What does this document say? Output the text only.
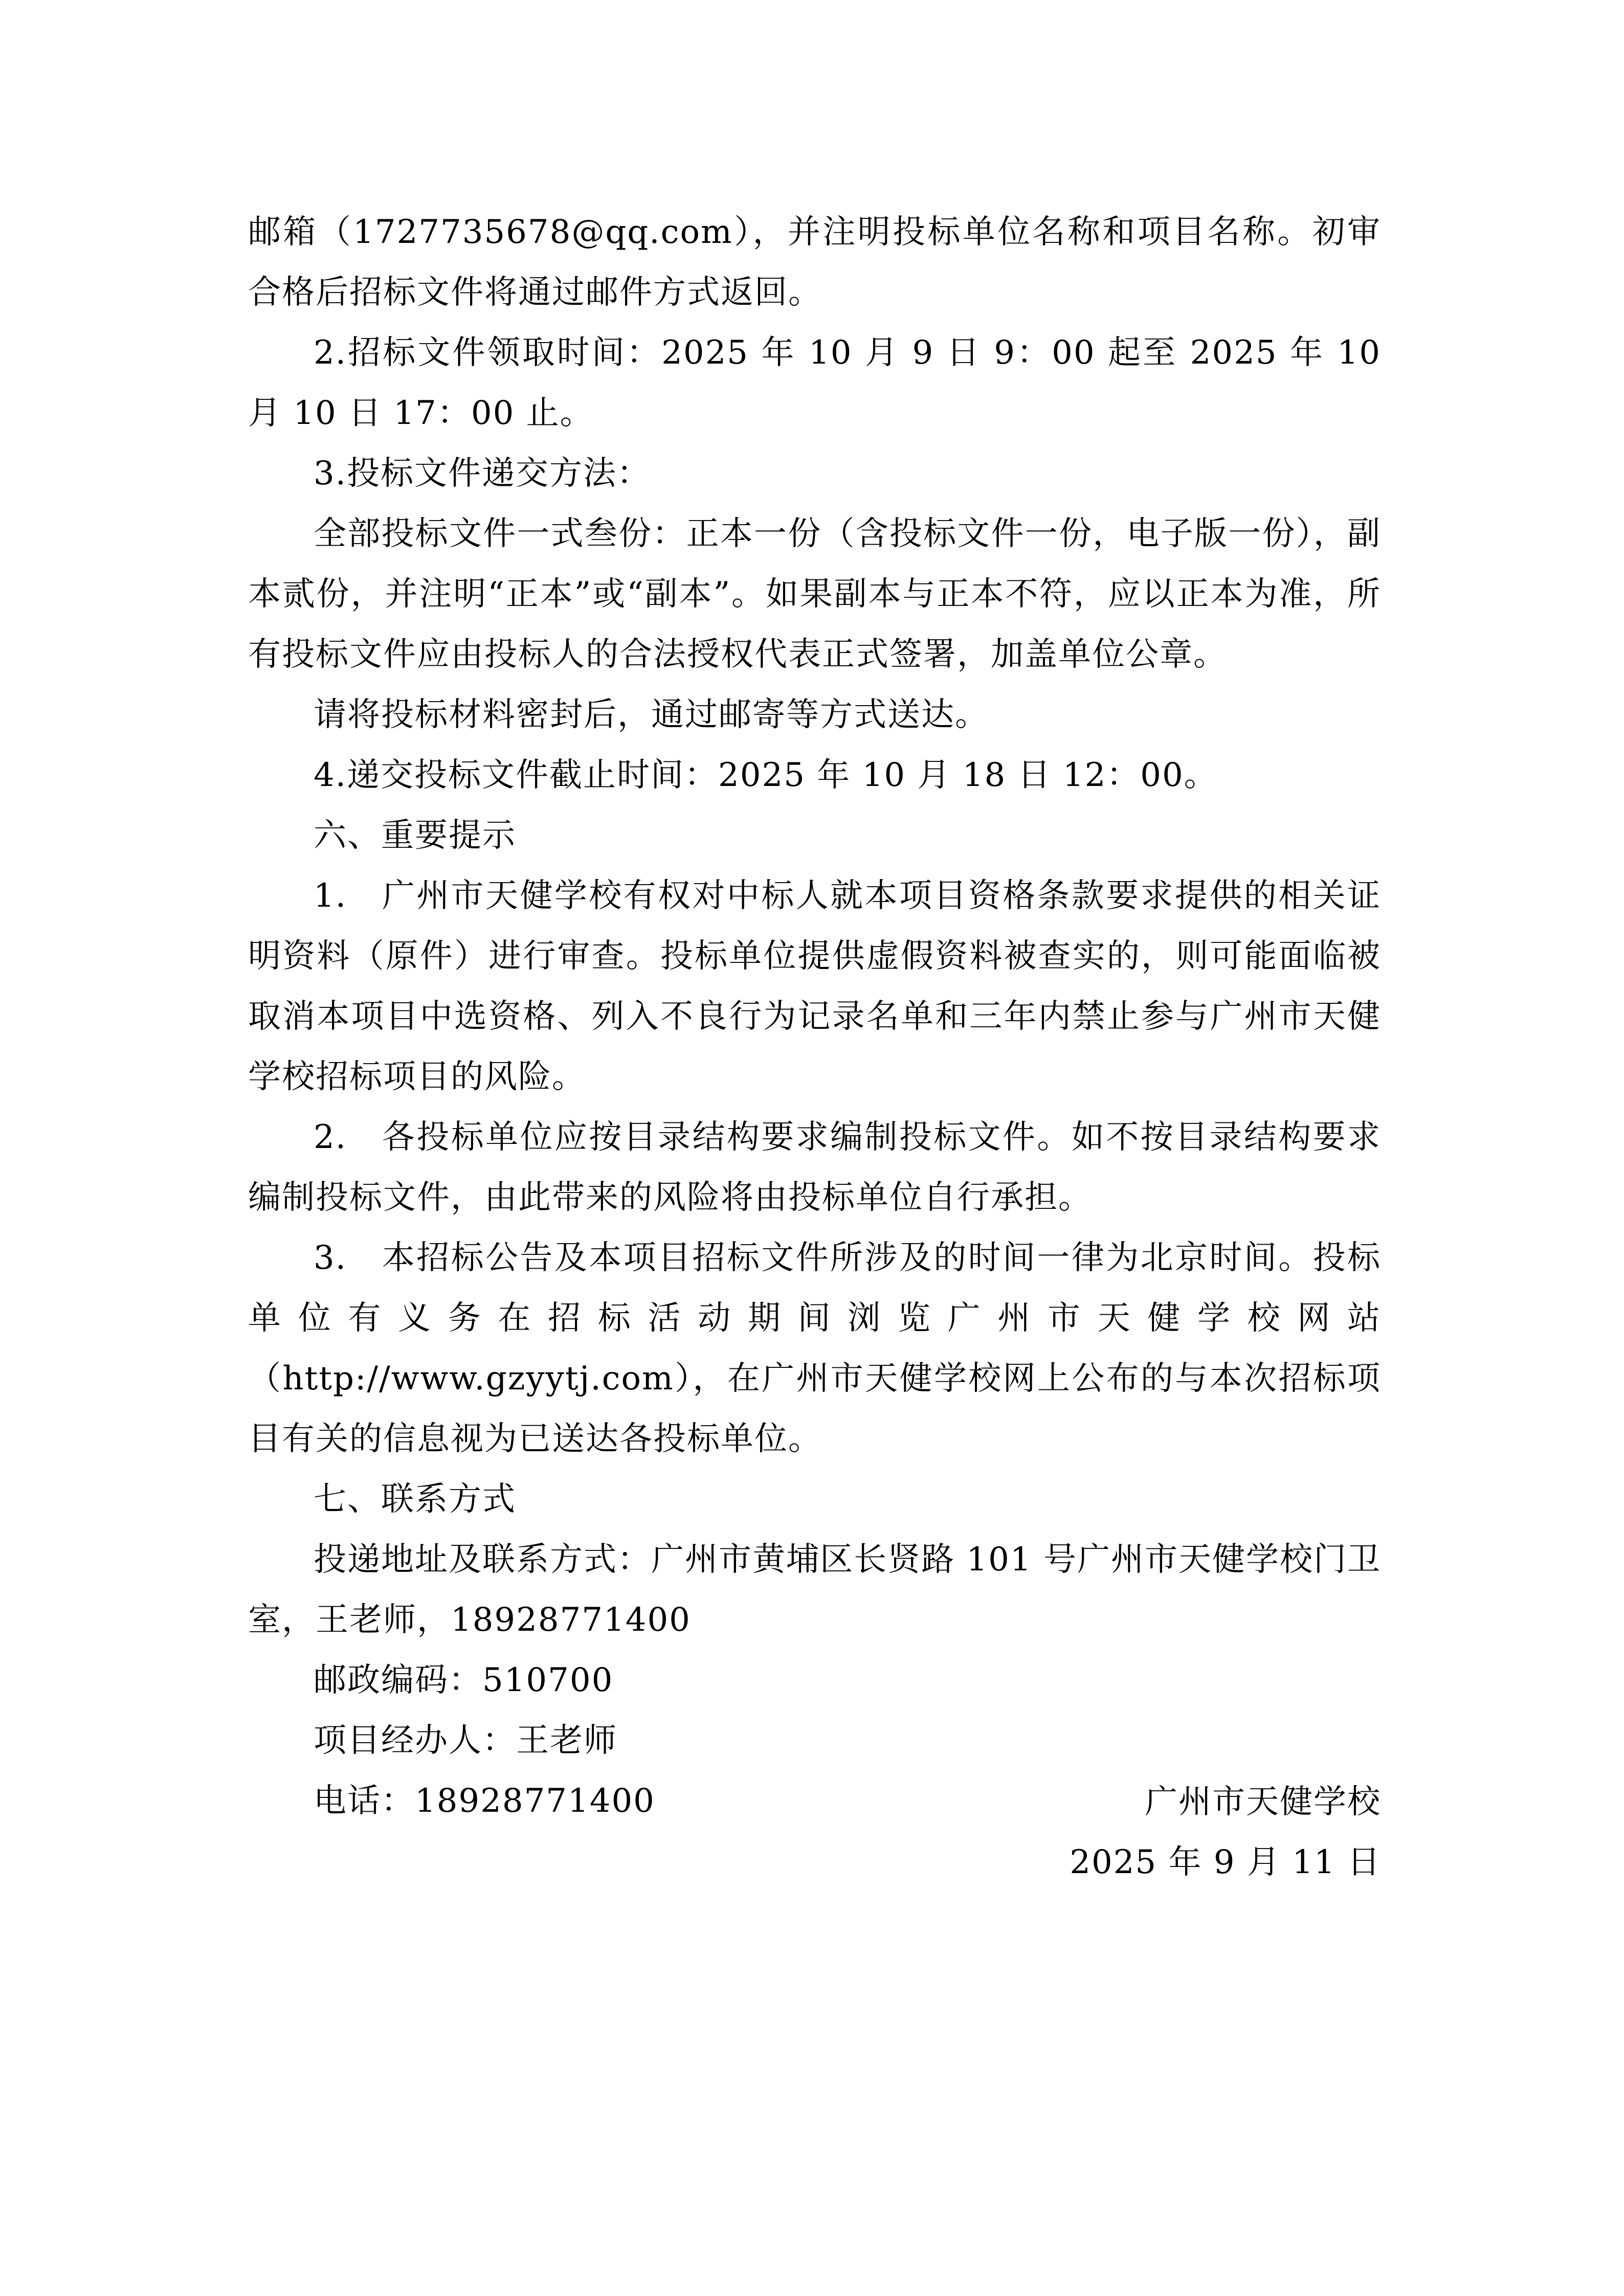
邮箱（1727735678@qq.com），并注明投标单位名称和项目名称。初审合格后招标文件将通过邮件方式返回。

2.招标文件领取时间：2025 年 10 月 9 日 9：00 起至 2025 年 10 月 10 日 17：00 止。

3.投标文件递交方法：

全部投标文件一式叁份：正本一份（含投标文件一份，电子版一份），副本贰份，并注明“正本”或“副本”。如果副本与正本不符，应以正本为准，所有投标文件应由投标人的合法授权代表正式签署，加盖单位公章。

请将投标材料密封后，通过邮寄等方式送达。

4.递交投标文件截止时间：2025 年 10 月 18 日 12：00。

六、重要提示

1.　广州市天健学校有权对中标人就本项目资格条款要求提供的相关证明资料（原件）进行审查。投标单位提供虚假资料被查实的，则可能面临被取消本项目中选资格、列入不良行为记录名单和三年内禁止参与广州市天健学校招标项目的风险。

2.　各投标单位应按目录结构要求编制投标文件。如不按目录结构要求编制投标文件，由此带来的风险将由投标单位自行承担。

3.　本招标公告及本项目招标文件所涉及的时间一律为北京时间。投标单位有义务在招标活动期间浏览广州市天健学校网站（http://www.gzyytj.com），在广州市天健学校网上公布的与本次招标项目有关的信息视为已送达各投标单位。

七、联系方式

投递地址及联系方式：广州市黄埔区长贤路 101 号广州市天健学校门卫室，王老师，18928771400

邮政编码：510700

项目经办人：王老师

电话：18928771400	广州市天健学校
2025 年 9 月 11 日
